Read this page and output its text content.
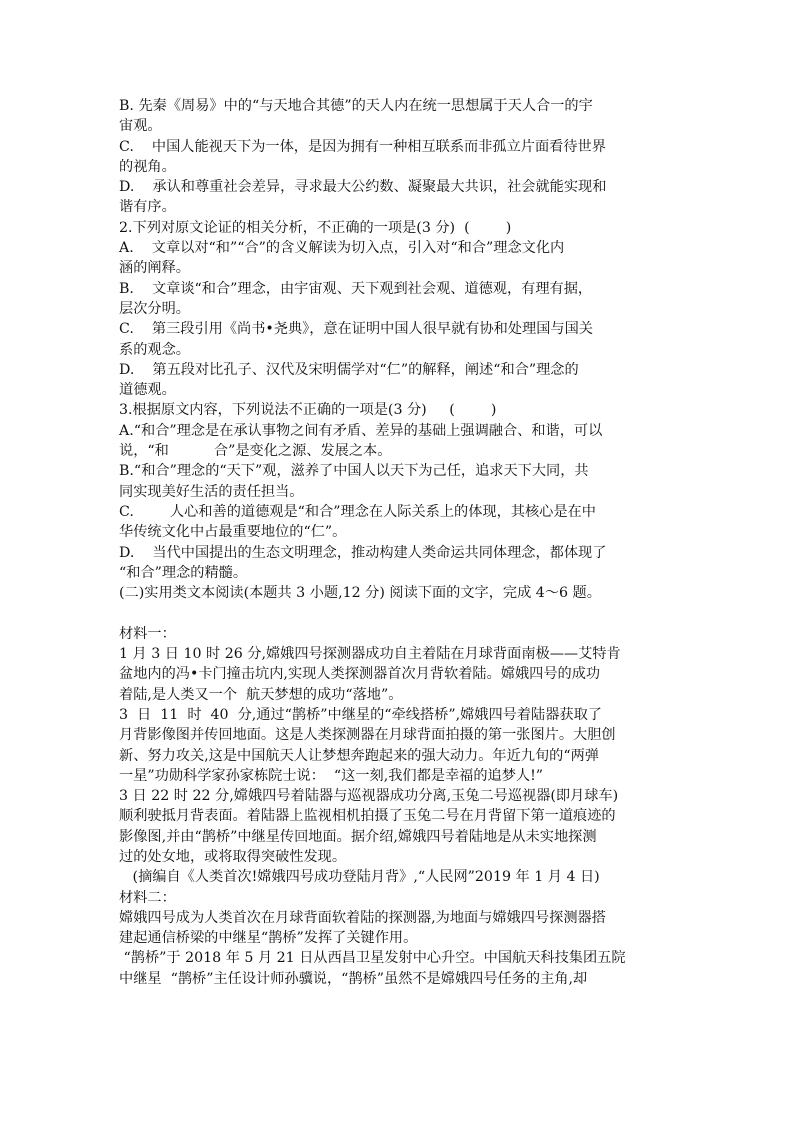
B. 先秦《周易》中的“与天地合其德”的天人内在统一思想属于天人合一的宇
宙观。
C.    中国人能视天下为一体，是因为拥有一种相互联系而非孤立片面看待世界
的视角。
D.    承认和尊重社会差异，寻求最大公约数、凝聚最大共识，社会就能实现和
谐有序。
2.下列对原文论证的相关分析，不正确的一项是(3 分)  (        )
A.    文章以对“和”“合”的含义解读为切入点，引入对“和合”理念文化内
涵的阐释。
B.    文章谈“和合”理念，由宇宙观、天下观到社会观、道德观，有理有据，
层次分明。
C.    第三段引用《尚书•尧典》，意在证明中国人很早就有协和处理国与国关
系的观念。
D.    第五段对比孔子、汉代及宋明儒学对“仁”的解释，阐述“和合”理念的
道德观。
3.根据原文内容，下列说法不正确的一项是(3 分)     (        )
A.“和合”理念是在承认事物之间有矛盾、差异的基础上强调融合、和谐，可以
说，“和          合”是变化之源、发展之本。
B.“和合”理念的“天下”观，滋养了中国人以天下为己任，追求天下大同，共
同实现美好生活的责任担当。
C.        人心和善的道德观是“和合”理念在人际关系上的体现，其核心是在中
华传统文化中占最重要地位的“仁”。
D.    当代中国提出的生态文明理念，推动构建人类命运共同体理念，都体现了
“和合”理念的精髓。
(二)实用类文本阅读(本题共 3 小题,12 分) 阅读下面的文字，完成 4～6 题。
材料一：
1 月 3 日 10 时 26 分,嫦娥四号探测器成功自主着陆在月球背面南极——艾特肯
盆地内的冯•卡门撞击坑内,实现人类探测器首次月背软着陆。嫦娥四号的成功
着陆,是人类又一个  航天梦想的成功“落地”。
3  日  11  时  40  分,通过“鹊桥”中继星的“牵线搭桥”,嫦娥四号着陆器获取了
月背影像图并传回地面。这是人类探测器在月球背面拍摄的第一张图片。大胆创
新、努力攻关,这是中国航天人让梦想奔跑起来的强大动力。年近九旬的“两弹
一星”功勋科学家孙家栋院士说：  “这一刻,我们都是幸福的追梦人!”
3 日 22 时 22 分,嫦娥四号着陆器与巡视器成功分离,玉兔二号巡视器(即月球车)
顺利驶抵月背表面。着陆器上监视相机拍摄了玉兔二号在月背留下第一道痕迹的
影像图,并由“鹊桥”中继星传回地面。据介绍,嫦娥四号着陆地是从未实地探测
过的处女地，或将取得突破性发现。
(摘编自《人类首次!嫦娥四号成功登陆月背》,“人民网”2019 年 1 月 4 日)
材料二：
嫦娥四号成为人类首次在月球背面软着陆的探测器,为地面与嫦娥四号探测器搭
建起通信桥梁的中继星“鹊桥”发挥了关键作用。
“鹊桥”于 2018 年 5 月 21 日从西昌卫星发射中心升空。中国航天科技集团五院
中继星  “鹊桥”主任设计师孙骥说，“鹊桥”虽然不是嫦娥四号任务的主角,却
